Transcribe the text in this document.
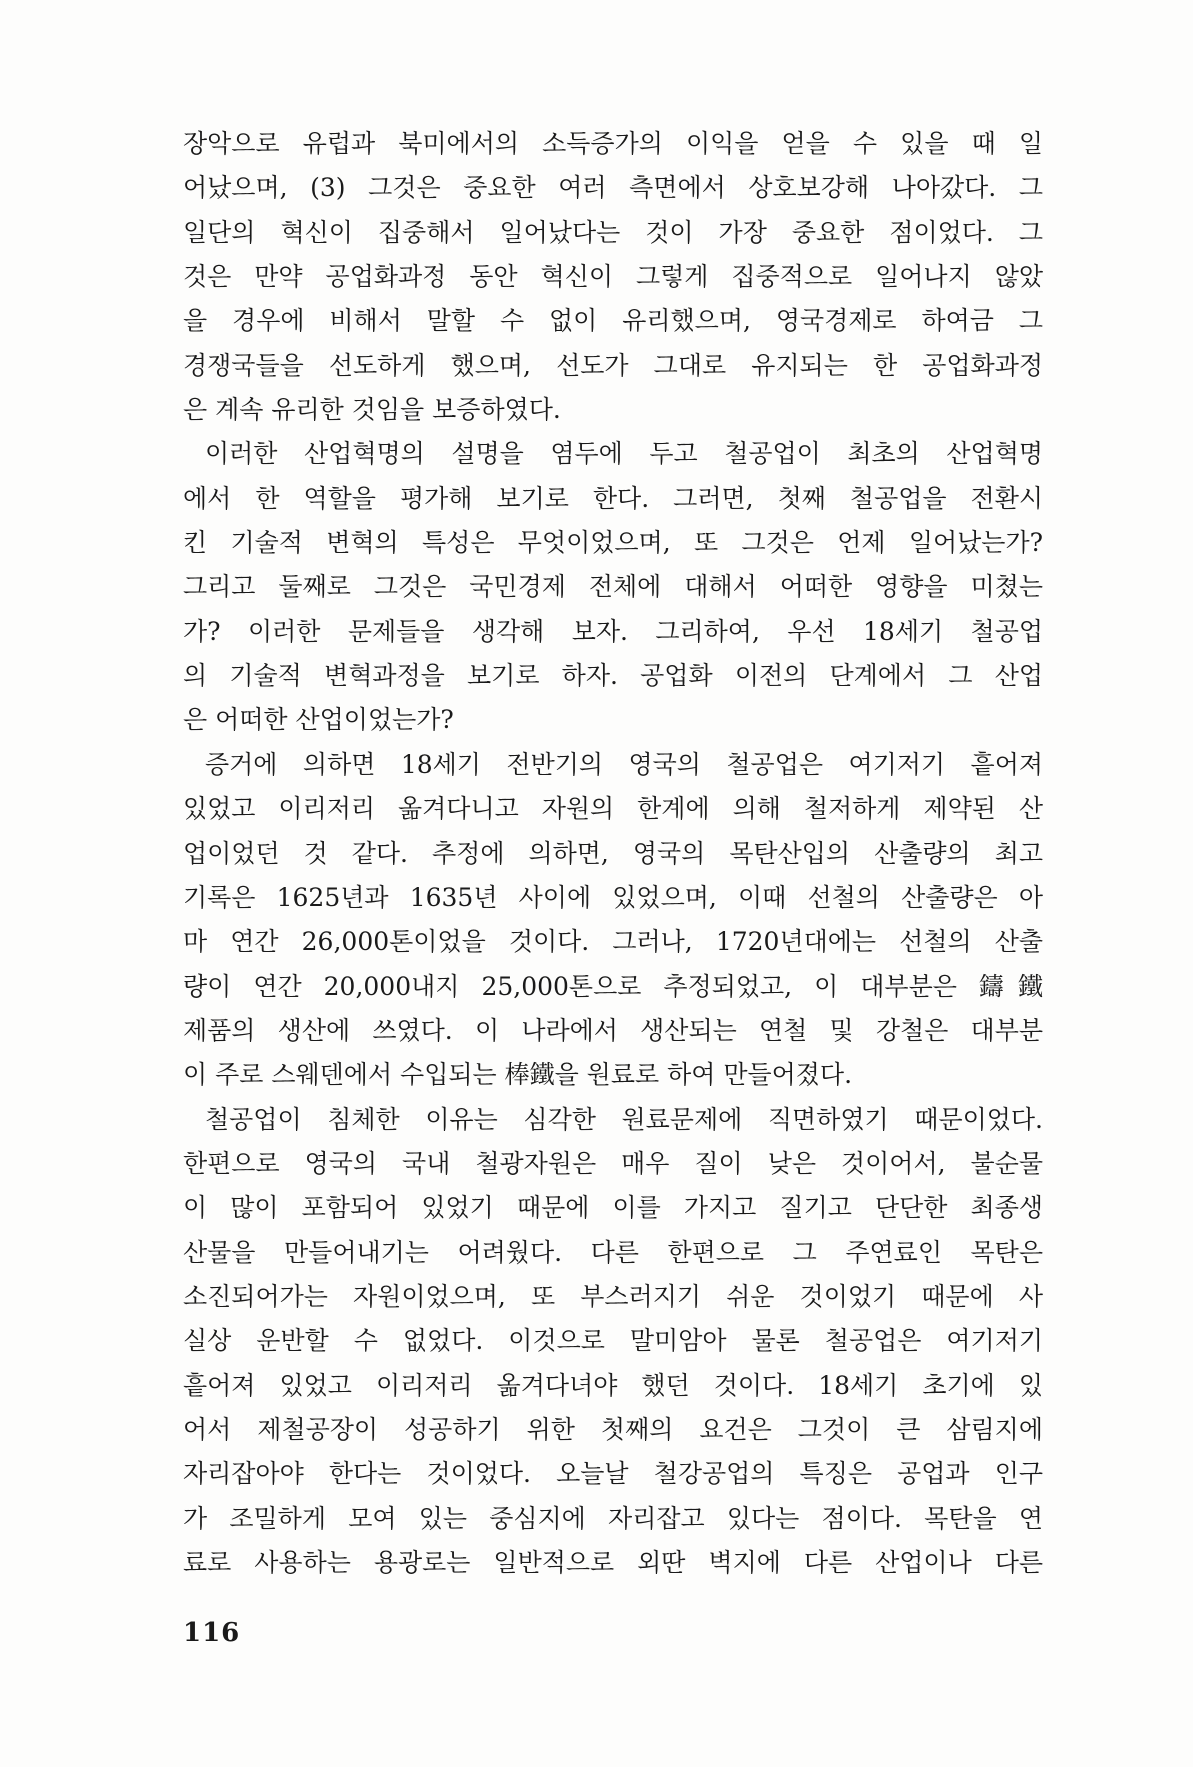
장악으로 유럽과 북미에서의 소득증가의 이익을 얻을 수 있을 때 일
어났으며, (3) 그것은 중요한 여러 측면에서 상호보강해 나아갔다. 그
일단의 혁신이 집중해서 일어났다는 것이 가장 중요한 점이었다. 그
것은 만약 공업화과정 동안 혁신이 그렇게 집중적으로 일어나지 않았
을 경우에 비해서 말할 수 없이 유리했으며, 영국경제로 하여금 그
경쟁국들을 선도하게 했으며, 선도가 그대로 유지되는 한 공업화과정
은 계속 유리한 것임을 보증하였다.
이러한 산업혁명의 설명을 염두에 두고 철공업이 최초의 산업혁명
에서 한 역할을 평가해 보기로 한다. 그러면, 첫째 철공업을 전환시
킨 기술적 변혁의 특성은 무엇이었으며, 또 그것은 언제 일어났는가?
그리고 둘째로 그것은 국민경제 전체에 대해서 어떠한 영향을 미쳤는
가? 이러한 문제들을 생각해 보자. 그리하여, 우선 18세기 철공업
의 기술적 변혁과정을 보기로 하자. 공업화 이전의 단계에서 그 산업
은 어떠한 산업이었는가?
증거에 의하면 18세기 전반기의 영국의 철공업은 여기저기 흩어져
있었고 이리저리 옮겨다니고 자원의 한계에 의해 철저하게 제약된 산
업이었던 것 같다. 추정에 의하면, 영국의 목탄산입의 산출량의 최고
기록은 1625년과 1635년 사이에 있었으며, 이때 선철의 산출량은 아
마 연간 26,000톤이었을 것이다. 그러나, 1720년대에는 선철의 산출
량이 연간 20,000내지 25,000톤으로 추정되었고, 이 대부분은 鑄鐵
제품의 생산에 쓰였다. 이 나라에서 생산되는 연철 및 강철은 대부분
이 주로 스웨덴에서 수입되는 棒鐵을 원료로 하여 만들어졌다.
철공업이 침체한 이유는 심각한 원료문제에 직면하였기 때문이었다.
한편으로 영국의 국내 철광자원은 매우 질이 낮은 것이어서, 불순물
이 많이 포함되어 있었기 때문에 이를 가지고 질기고 단단한 최종생
산물을 만들어내기는 어려웠다. 다른 한편으로 그 주연료인 목탄은
소진되어가는 자원이었으며, 또 부스러지기 쉬운 것이었기 때문에 사
실상 운반할 수 없었다. 이것으로 말미암아 물론 철공업은 여기저기
흩어져 있었고 이리저리 옮겨다녀야 했던 것이다. 18세기 초기에 있
어서 제철공장이 성공하기 위한 첫째의 요건은 그것이 큰 삼림지에
자리잡아야 한다는 것이었다. 오늘날 철강공업의 특징은 공업과 인구
가 조밀하게 모여 있는 중심지에 자리잡고 있다는 점이다. 목탄을 연
료로 사용하는 용광로는 일반적으로 외딴 벽지에 다른 산업이나 다른
116
